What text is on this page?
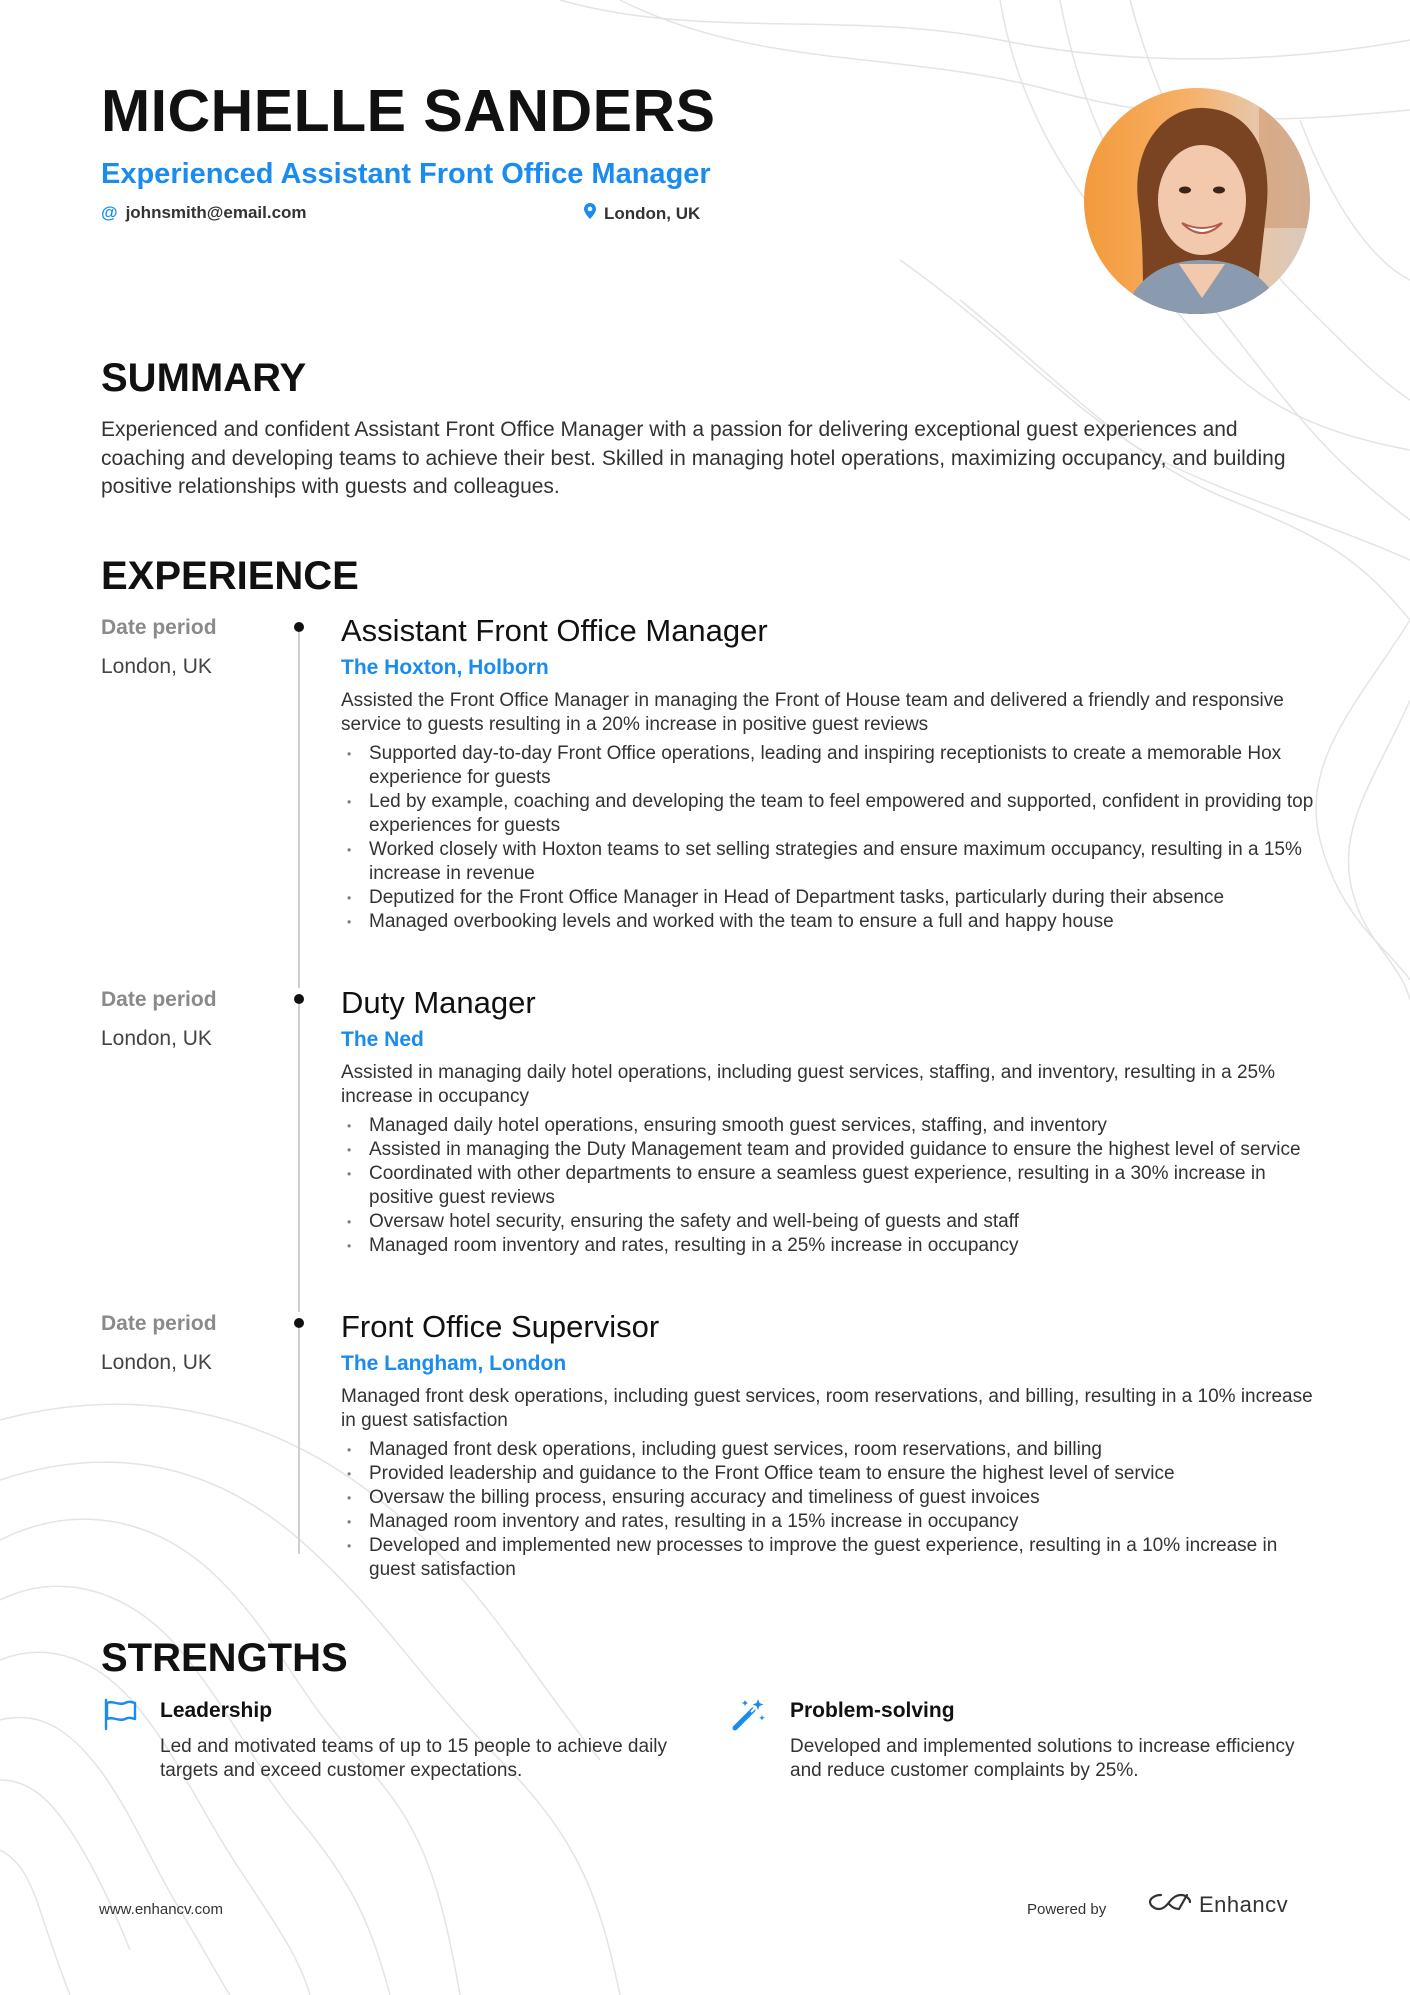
MICHELLE SANDERS
Experienced Assistant Front Office Manager
@ johnsmith@email.com	London, UK
SUMMARY
Experienced and confident Assistant Front Office Manager with a passion for delivering exceptional guest experiences and coaching and developing teams to achieve their best. Skilled in managing hotel operations, maximizing occupancy, and building positive relationships with guests and colleagues.
EXPERIENCE
Date period
London, UK
Assistant Front Office Manager
The Hoxton, Holborn
Assisted the Front Office Manager in managing the Front of House team and delivered a friendly and responsive service to guests resulting in a 20% increase in positive guest reviews
• Supported day-to-day Front Office operations, leading and inspiring receptionists to create a memorable Hox experience for guests
• Led by example, coaching and developing the team to feel empowered and supported, confident in providing top experiences for guests
• Worked closely with Hoxton teams to set selling strategies and ensure maximum occupancy, resulting in a 15% increase in revenue
• Deputized for the Front Office Manager in Head of Department tasks, particularly during their absence
• Managed overbooking levels and worked with the team to ensure a full and happy house
Date period
London, UK
Duty Manager
The Ned
Assisted in managing daily hotel operations, including guest services, staffing, and inventory, resulting in a 25% increase in occupancy
• Managed daily hotel operations, ensuring smooth guest services, staffing, and inventory
• Assisted in managing the Duty Management team and provided guidance to ensure the highest level of service
• Coordinated with other departments to ensure a seamless guest experience, resulting in a 30% increase in positive guest reviews
• Oversaw hotel security, ensuring the safety and well-being of guests and staff
• Managed room inventory and rates, resulting in a 25% increase in occupancy
Date period
London, UK
Front Office Supervisor
The Langham, London
Managed front desk operations, including guest services, room reservations, and billing, resulting in a 10% increase in guest satisfaction
• Managed front desk operations, including guest services, room reservations, and billing
• Provided leadership and guidance to the Front Office team to ensure the highest level of service
• Oversaw the billing process, ensuring accuracy and timeliness of guest invoices
• Managed room inventory and rates, resulting in a 15% increase in occupancy
• Developed and implemented new processes to improve the guest experience, resulting in a 10% increase in guest satisfaction
STRENGTHS
Leadership
Led and motivated teams of up to 15 people to achieve daily targets and exceed customer expectations.
Problem-solving
Developed and implemented solutions to increase efficiency and reduce customer complaints by 25%.
www.enhancv.com	Powered by	Enhancv
